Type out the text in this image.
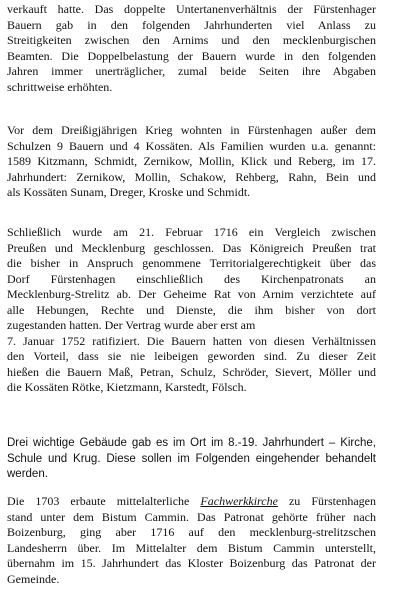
verkauft hatte. Das doppelte Untertanenverhältnis der Fürstenhager
Bauern gab in den folgenden Jahrhunderten viel Anlass zu
Streitigkeiten zwischen den Arnims und den mecklenburgischen
Beamten. Die Doppelbelastung der Bauern wurde in den folgenden
Jahren immer unerträglicher, zumal beide Seiten ihre Abgaben
schrittweise erhöhten.
Vor dem Dreißigjährigen Krieg wohnten in Fürstenhagen außer dem
Schulzen 9 Bauern und 4 Kossäten. Als Familien wurden u.a. genannt:
1589 Kitzmann, Schmidt, Zernikow, Mollin, Klick und Reberg, im 17.
Jahrhundert: Zernikow, Mollin, Schakow, Rehberg, Rahn, Bein und
als Kossäten Sunam, Dreger, Kroske und Schmidt.
Schließlich wurde am 21. Februar 1716 ein Vergleich zwischen
Preußen und Mecklenburg geschlossen. Das Königreich Preußen trat
die bisher in Anspruch genommene Territorialgerechtigkeit über das
Dorf Fürstenhagen einschließlich des Kirchenpatronats an
Mecklenburg-Strelitz ab. Der Geheime Rat von Arnim verzichtete auf
alle Hebungen, Rechte und Dienste, die ihm bisher von dort
zugestanden hatten. Der Vertrag wurde aber erst am
7. Januar 1752 ratifiziert. Die Bauern hatten von diesen Verhältnissen
den Vorteil, dass sie nie leibeigen geworden sind. Zu dieser Zeit
hießen die Bauern Maß, Petran, Schulz, Schröder, Sievert, Möller und
die Kossäten Rötke, Kietzmann, Karstedt, Fölsch.
Drei wichtige Gebäude gab es im Ort im 8.-19. Jahrhundert – Kirche,
Schule und Krug. Diese sollen im Folgenden eingehender behandelt
werden.
Die 1703 erbaute mittelalterliche Fachwerkkirche zu Fürstenhagen
stand unter dem Bistum Cammin. Das Patronat gehörte früher nach
Boizenburg, ging aber 1716 auf den mecklenburg-strelitzschen
Landesherrn über. Im Mittelalter dem Bistum Cammin unterstellt,
übernahm im 15. Jahrhundert das Kloster Boizenburg das Patronat der
Gemeinde.
